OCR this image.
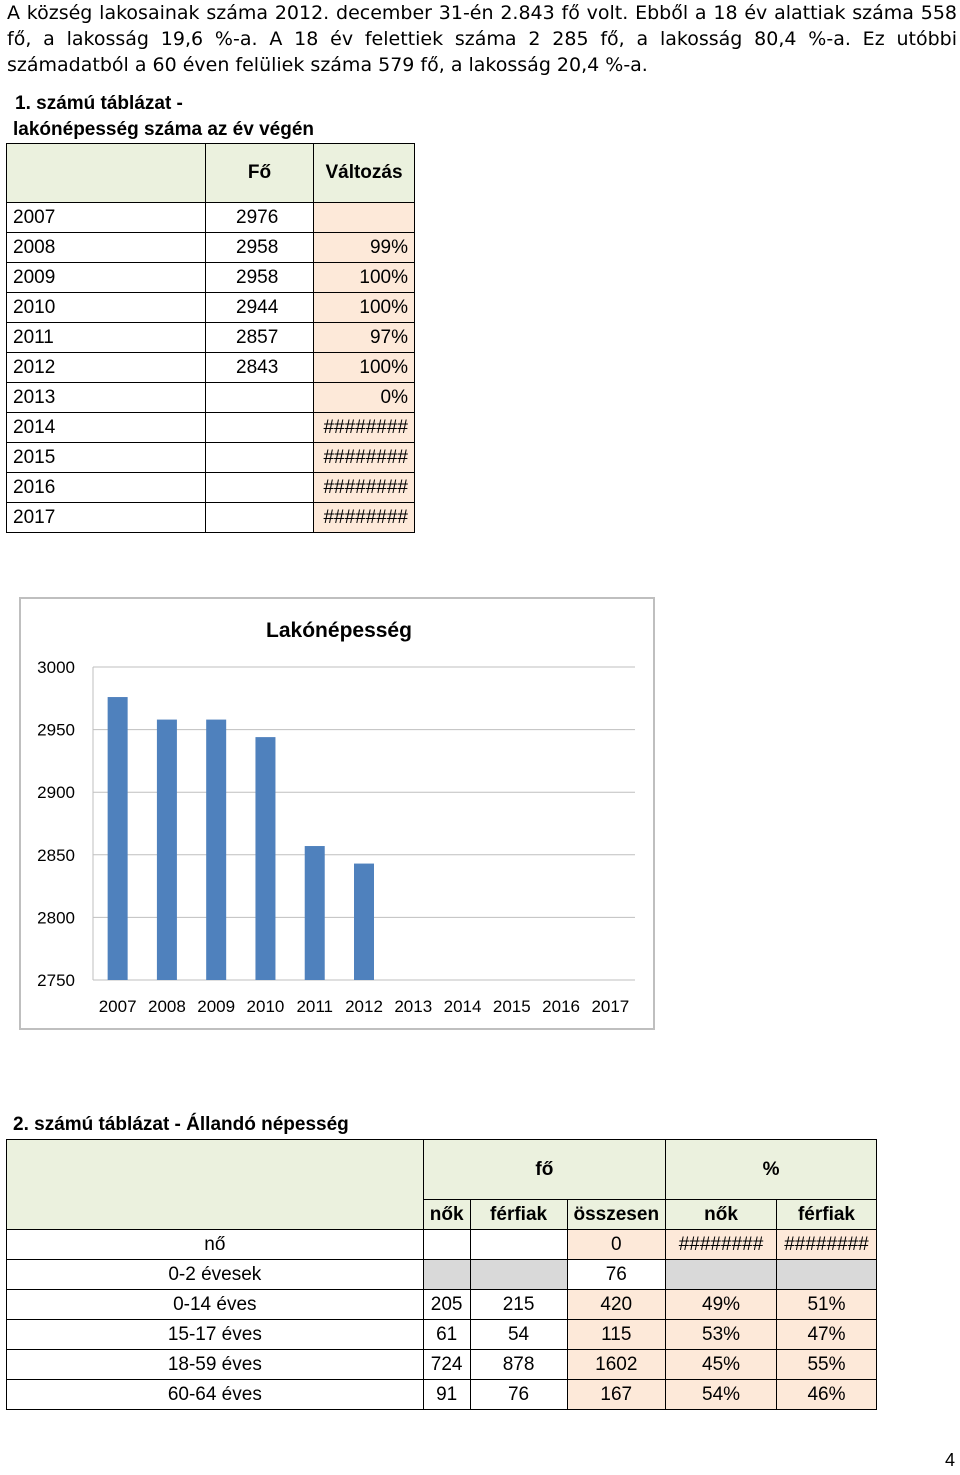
A község lakosainak száma 2012. december 31-én 2.843 fő volt. Ebből a 18 év alattiak száma 558 fő, a lakosság 19,6 %-a. A 18 év felettiek száma 2 285 fő, a lakosság 80,4 %-a. Ez utóbbi számadatból a 60 éven felüliek száma 579 fő, a lakosság 20,4 %-a.
1. számú táblázat -
lakónépesség száma az év végén
	Fő	Változás
2007	2976	
2008	2958	99%
2009	2958	100%
2010	2944	100%
2011	2857	97%
2012	2843	100%
2013		0%
2014		########
2015		########
2016		########
2017		########
Lakónépesség
3000
2950
2900
2850
2800
2750
2007 2008 2009 2010 2011 2012 2013 2014 2015 2016 2017
2. számú táblázat - Állandó népesség
	fő			%	
	nők	férfiak	összesen	nők	férfiak
nő			0	########	########
0-2 évesek			76		
0-14 éves	205	215	420	49%	51%
15-17 éves	61	54	115	53%	47%
18-59 éves	724	878	1602	45%	55%
60-64 éves	91	76	167	54%	46%
4
